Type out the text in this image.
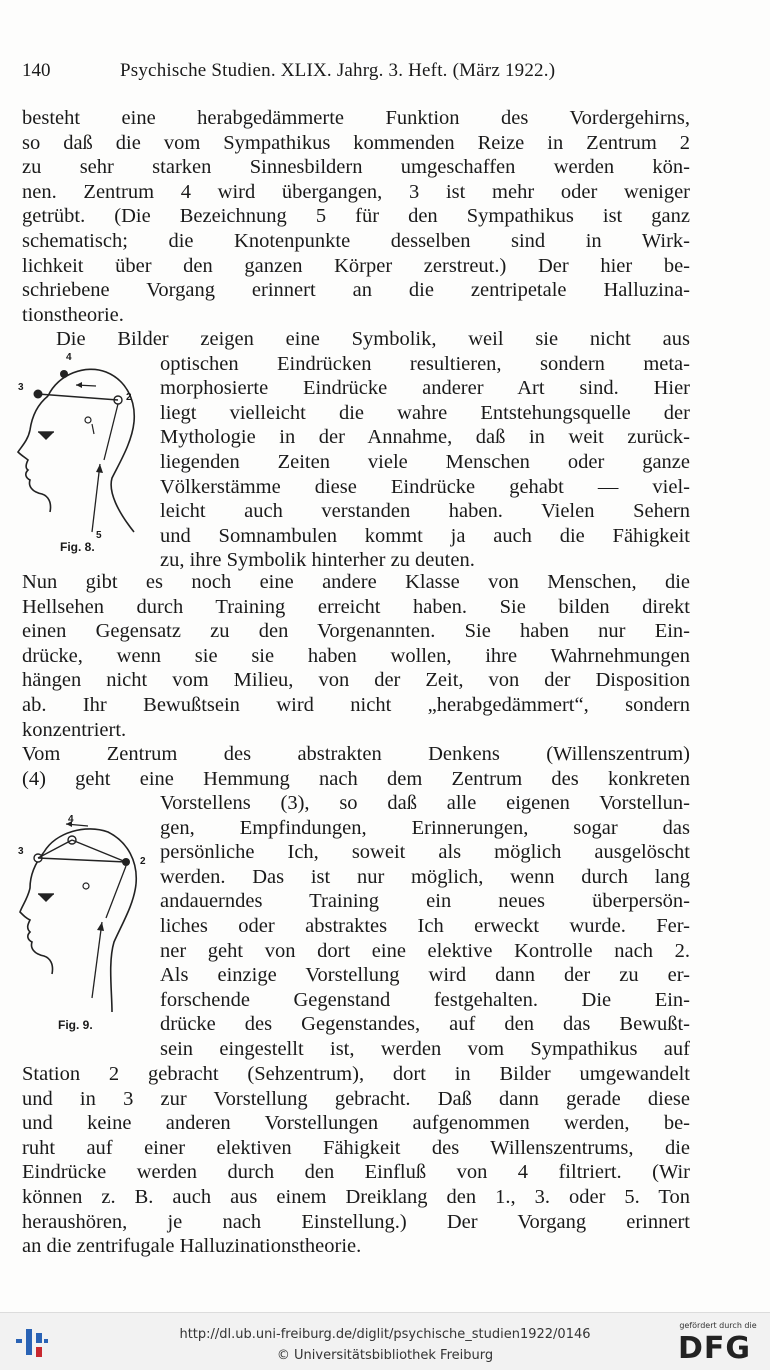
140	Psychische Studien. XLIX. Jahrg. 3. Heft. (März 1922.)
besteht eine herabgedämmerte Funktion des Vordergehirns,
so daß die vom Sympathikus kommenden Reize in Zentrum 2
zu sehr starken Sinnesbildern umgeschaffen werden kön-
nen. Zentrum 4 wird übergangen, 3 ist mehr oder weniger
getrübt. (Die Bezeichnung 5 für den Sympathikus ist ganz
schematisch; die Knotenpunkte desselben sind in Wirk-
lichkeit über den ganzen Körper zerstreut.) Der hier be-
schriebene Vorgang erinnert an die zentripetale Halluzina-
tionstheorie.
Die Bilder zeigen eine Symbolik, weil sie nicht aus
optischen Eindrücken resultieren, sondern meta-
morphosierte Eindrücke anderer Art sind. Hier
liegt vielleicht die wahre Entstehungsquelle der
Mythologie in der Annahme, daß in weit zurück-
liegenden Zeiten viele Menschen oder ganze
Völkerstämme diese Eindrücke gehabt — viel-
leicht auch verstanden haben. Vielen Sehern
und Somnambulen kommt ja auch die Fähigkeit
zu, ihre Symbolik hinterher zu deuten.
Nun gibt es noch eine andere Klasse von Menschen, die
Hellsehen durch Training erreicht haben. Sie bilden direkt
einen Gegensatz zu den Vorgenannten. Sie haben nur Ein-
drücke, wenn sie sie haben wollen, ihre Wahrnehmungen
hängen nicht vom Milieu, von der Zeit, von der Disposition
ab. Ihr Bewußtsein wird nicht „herabgedämmert“, sondern
konzentriert.
Vom Zentrum des abstrakten Denkens (Willenszentrum)
(4) geht eine Hemmung nach dem Zentrum des konkreten
Vorstellens (3), so daß alle eigenen Vorstellun-
gen, Empfindungen, Erinnerungen, sogar das
persönliche Ich, soweit als möglich ausgelöscht
werden. Das ist nur möglich, wenn durch lang
andauerndes Training ein neues überpersön-
liches oder abstraktes Ich erweckt wurde. Fer-
ner geht von dort eine elektive Kontrolle nach 2.
Als einzige Vorstellung wird dann der zu er-
forschende Gegenstand festgehalten. Die Ein-
drücke des Gegenstandes, auf den das Bewußt-
sein eingestellt ist, werden vom Sympathikus auf
Station 2 gebracht (Sehzentrum), dort in Bilder umgewandelt
und in 3 zur Vorstellung gebracht. Daß dann gerade diese
und keine anderen Vorstellungen aufgenommen werden, be-
ruht auf einer elektiven Fähigkeit des Willenszentrums, die
Eindrücke werden durch den Einfluß von 4 filtriert. (Wir
können z. B. auch aus einem Dreiklang den 1., 3. oder 5. Ton
heraushören, je nach Einstellung.) Der Vorgang erinnert
an die zentrifugale Halluzinationstheorie.
4
3
2
5
Fig. 8.
4
3
2
Fig. 9.
http://dl.ub.uni-freiburg.de/diglit/psychische_studien1922/0146
© Universitätsbibliothek Freiburg
gefördert durch die
DFG
